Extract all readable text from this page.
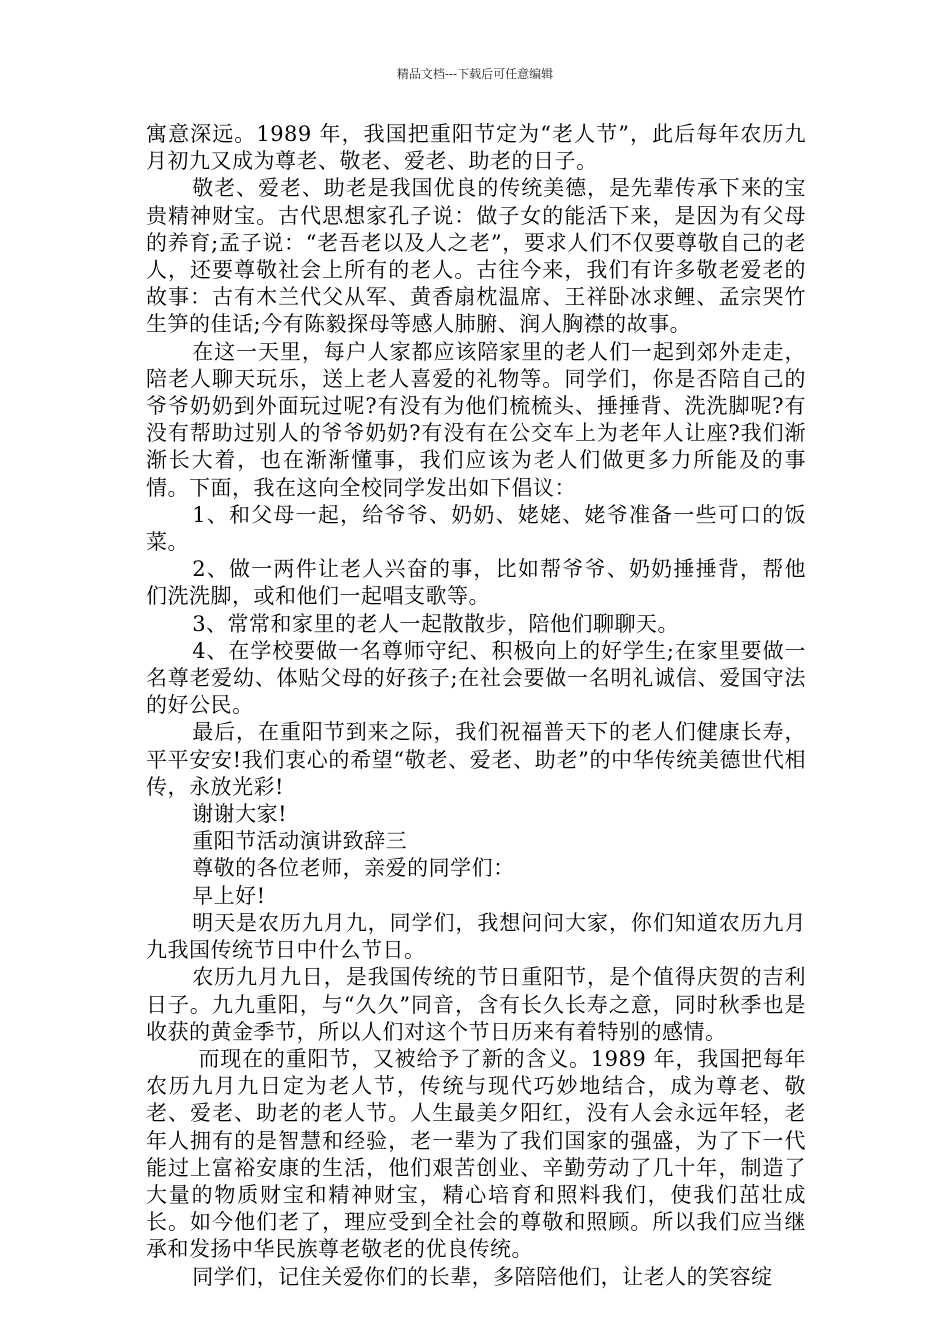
精品文档---下载后可任意编辑

寓意深远。1989 年，我国把重阳节定为“老人节”，此后每年农历九月初九又成为尊老、敬老、爱老、助老的日子。

敬老、爱老、助老是我国优良的传统美德，是先辈传承下来的宝贵精神财宝。古代思想家孔子说：做子女的能活下来，是因为有父母的养育;孟子说：“老吾老以及人之老”，要求人们不仅要尊敬自己的老人，还要尊敬社会上所有的老人。古往今来，我们有许多敬老爱老的故事：古有木兰代父从军、黄香扇枕温席、王祥卧冰求鲤、孟宗哭竹生笋的佳话;今有陈毅探母等感人肺腑、润人胸襟的故事。

在这一天里，每户人家都应该陪家里的老人们一起到郊外走走，陪老人聊天玩乐，送上老人喜爱的礼物等。同学们，你是否陪自己的爷爷奶奶到外面玩过呢?有没有为他们梳梳头、捶捶背、洗洗脚呢?有没有帮助过别人的爷爷奶奶?有没有在公交车上为老年人让座?我们渐渐长大着，也在渐渐懂事，我们应该为老人们做更多力所能及的事情。下面，我在这向全校同学发出如下倡议：

1、和父母一起，给爷爷、奶奶、姥姥、姥爷准备一些可口的饭菜。

2、做一两件让老人兴奋的事，比如帮爷爷、奶奶捶捶背，帮他们洗洗脚，或和他们一起唱支歌等。

3、常常和家里的老人一起散散步，陪他们聊聊天。

4、在学校要做一名尊师守纪、积极向上的好学生;在家里要做一名尊老爱幼、体贴父母的好孩子;在社会要做一名明礼诚信、爱国守法的好公民。

最后，在重阳节到来之际，我们祝福普天下的老人们健康长寿，平平安安!我们衷心的希望“敬老、爱老、助老”的中华传统美德世代相传，永放光彩!

谢谢大家!

重阳节活动演讲致辞三

尊敬的各位老师，亲爱的同学们：

早上好!

明天是农历九月九，同学们，我想问问大家，你们知道农历九月九我国传统节日中什么节日。

农历九月九日，是我国传统的节日重阳节，是个值得庆贺的吉利日子。九九重阳，与“久久”同音，含有长久长寿之意，同时秋季也是收获的黄金季节，所以人们对这个节日历来有着特别的感情。

而现在的重阳节，又被给予了新的含义。1989 年，我国把每年农历九月九日定为老人节，传统与现代巧妙地结合，成为尊老、敬老、爱老、助老的老人节。人生最美夕阳红，没有人会永远年轻，老年人拥有的是智慧和经验，老一辈为了我们国家的强盛，为了下一代能过上富裕安康的生活，他们艰苦创业、辛勤劳动了几十年，制造了大量的物质财宝和精神财宝，精心培育和照料我们，使我们茁壮成长。如今他们老了，理应受到全社会的尊敬和照顾。所以我们应当继承和发扬中华民族尊老敬老的优良传统。

同学们，记住关爱你们的长辈，多陪陪他们，让老人的笑容绽
